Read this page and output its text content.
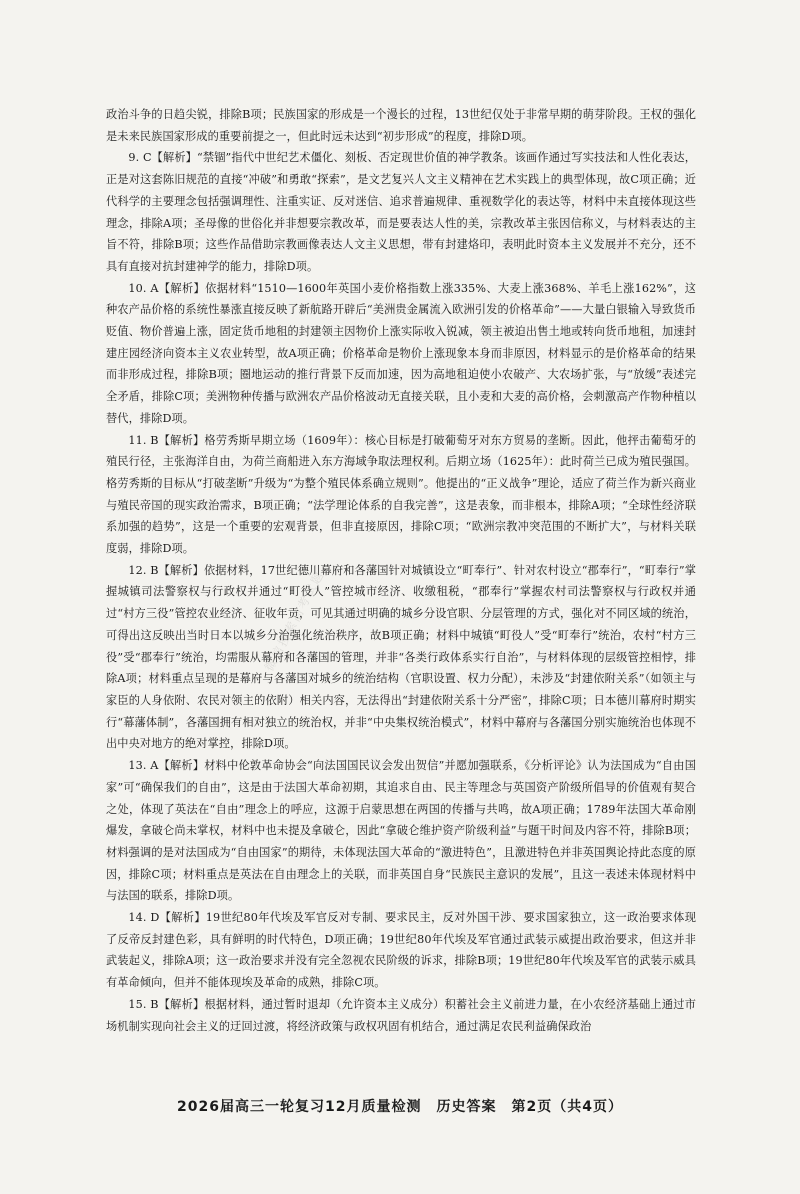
政治斗争的日趋尖锐，排除B项；民族国家的形成是一个漫长的过程，13世纪仅处于非常早期的萌芽阶段。王权的强化是未来民族国家形成的重要前提之一，但此时远未达到“初步形成”的程度，排除D项。

9. C【解析】“禁锢”指代中世纪艺术僵化、刻板、否定现世价值的神学教条。该画作通过写实技法和人性化表达，正是对这套陈旧规范的直接“冲破”和勇敢“探索”，是文艺复兴人文主义精神在艺术实践上的典型体现，故C项正确；近代科学的主要理念包括强调理性、注重实证、反对迷信、追求普遍规律、重视数学化的表达等，材料中未直接体现这些理念，排除A项；圣母像的世俗化并非想要宗教改革，而是要表达人性的美，宗教改革主张因信称义，与材料表达的主旨不符，排除B项；这些作品借助宗教画像表达人文主义思想，带有封建烙印，表明此时资本主义发展并不充分，还不具有直接对抗封建神学的能力，排除D项。

10. A【解析】依据材料“1510—1600年英国小麦价格指数上涨335%、大麦上涨368%、羊毛上涨162%”，这种农产品价格的系统性暴涨直接反映了新航路开辟后“美洲贵金属流入欧洲引发的价格革命”——大量白银输入导致货币贬值、物价普遍上涨，固定货币地租的封建领主因物价上涨实际收入锐减，领主被迫出售土地或转向货币地租，加速封建庄园经济向资本主义农业转型，故A项正确；价格革命是物价上涨现象本身而非原因，材料显示的是价格革命的结果而非形成过程，排除B项；圈地运动的推行背景下反而加速，因为高地租迫使小农破产、大农场扩张，与“放缓”表述完全矛盾，排除C项；美洲物种传播与欧洲农产品价格波动无直接关联，且小麦和大麦的高价格，会刺激高产作物种植以替代，排除D项。

11. B【解析】格劳秀斯早期立场（1609年）：核心目标是打破葡萄牙对东方贸易的垄断。因此，他抨击葡萄牙的殖民行径，主张海洋自由，为荷兰商船进入东方海域争取法理权利。后期立场（1625年）：此时荷兰已成为殖民强国。格劳秀斯的目标从“打破垄断”升级为“为整个殖民体系确立规则”。他提出的“正义战争”理论，适应了荷兰作为新兴商业与殖民帝国的现实政治需求，B项正确；“法学理论体系的自我完善”，这是表象，而非根本，排除A项；“全球性经济联系加强的趋势”，这是一个重要的宏观背景，但非直接原因，排除C项；“欧洲宗教冲突范围的不断扩大”，与材料关联度弱，排除D项。

12. B【解析】依据材料，17世纪德川幕府和各藩国针对城镇设立“町奉行”、针对农村设立“郡奉行”，“町奉行”掌握城镇司法警察权与行政权并通过“町役人”管控城市经济、收缴租税，“郡奉行”掌握农村司法警察权与行政权并通过“村方三役”管控农业经济、征收年贡，可见其通过明确的城乡分设官职、分层管理的方式，强化对不同区域的统治，可得出这反映出当时日本以城乡分治强化统治秩序，故B项正确；材料中城镇“町役人”受“町奉行”统治，农村“村方三役”受“郡奉行”统治，均需服从幕府和各藩国的管理，并非“各类行政体系实行自治”，与材料体现的层级管控相悖，排除A项；材料重点呈现的是幕府与各藩国对城乡的统治结构（官职设置、权力分配），未涉及“封建依附关系”（如领主与家臣的人身依附、农民对领主的依附）相关内容，无法得出“封建依附关系十分严密”，排除C项；日本德川幕府时期实行“幕藩体制”，各藩国拥有相对独立的统治权，并非“中央集权统治模式”，材料中幕府与各藩国分别实施统治也体现不出中央对地方的绝对掌控，排除D项。

13. A【解析】材料中伦敦革命协会“向法国国民议会发出贺信”并愿加强联系，《分析评论》认为法国成为“自由国家”可“确保我们的自由”，这是由于法国大革命初期，其追求自由、民主等理念与英国资产阶级所倡导的价值观有契合之处，体现了英法在“自由”理念上的呼应，这源于启蒙思想在两国的传播与共鸣，故A项正确；1789年法国大革命刚爆发，拿破仑尚未掌权，材料中也未提及拿破仑，因此“拿破仑维护资产阶级利益”与题干时间及内容不符，排除B项；材料强调的是对法国成为“自由国家”的期待，未体现法国大革命的“激进特色”，且激进特色并非英国舆论持此态度的原因，排除C项；材料重点是英法在自由理念上的关联，而非英国自身“民族民主意识的发展”，且这一表述未体现材料中与法国的联系，排除D项。

14. D【解析】19世纪80年代埃及军官反对专制、要求民主，反对外国干涉、要求国家独立，这一政治要求体现了反帝反封建色彩，具有鲜明的时代特色，D项正确；19世纪80年代埃及军官通过武装示威提出政治要求，但这并非武装起义，排除A项；这一政治要求并没有完全忽视农民阶级的诉求，排除B项；19世纪80年代埃及军官的武装示威具有革命倾向，但并不能体现埃及革命的成熟，排除C项。

15. B【解析】根据材料，通过暂时退却（允许资本主义成分）积蓄社会主义前进力量，在小农经济基础上通过市场机制实现向社会主义的迂回过渡，将经济政策与政权巩固有机结合，通过满足农民利益确保政治

微信搜索高考试题
2026届高三一轮复习12月质量检测　历史答案　第2页（共4页）
